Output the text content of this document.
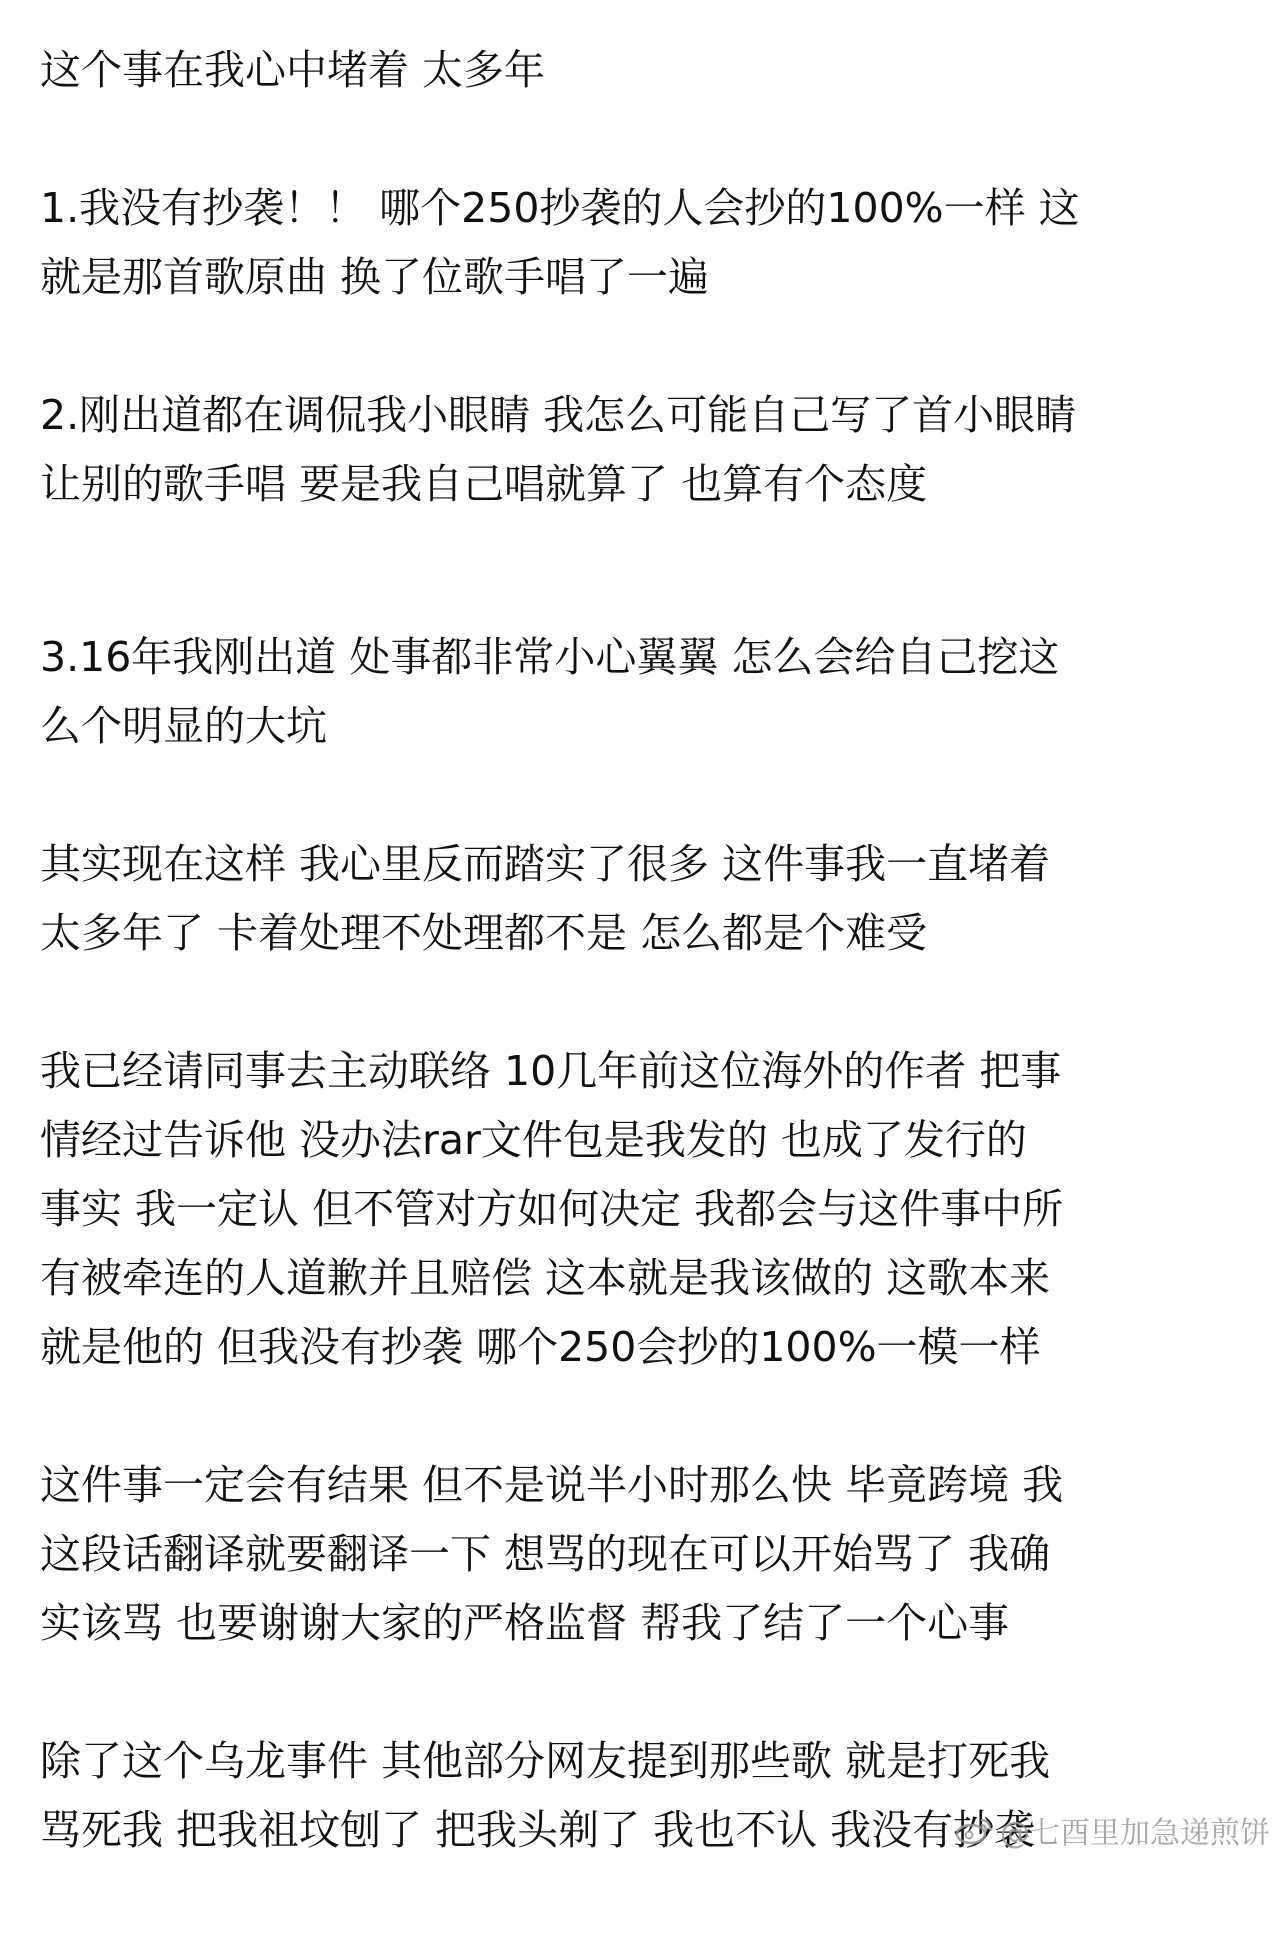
这个事在我心中堵着 太多年

1.我没有抄袭！！ 哪个250抄袭的人会抄的100%一样 这
就是那首歌原曲 换了位歌手唱了一遍

2.刚出道都在调侃我小眼睛 我怎么可能自己写了首小眼睛
让别的歌手唱 要是我自己唱就算了 也算有个态度

3.16年我刚出道 处事都非常小心翼翼 怎么会给自己挖这
么个明显的大坑

其实现在这样 我心里反而踏实了很多 这件事我一直堵着
太多年了 卡着处理不处理都不是 怎么都是个难受

我已经请同事去主动联络 10几年前这位海外的作者 把事
情经过告诉他 没办法rar文件包是我发的 也成了发行的
事实 我一定认 但不管对方如何决定 我都会与这件事中所
有被牵连的人道歉并且赔偿 这本就是我该做的 这歌本来
就是他的 但我没有抄袭 哪个250会抄的100%一模一样

这件事一定会有结果 但不是说半小时那么快 毕竟跨境 我
这段话翻译就要翻译一下 想骂的现在可以开始骂了 我确
实该骂 也要谢谢大家的严格监督 帮我了结了一个心事

除了这个乌龙事件 其他部分网友提到那些歌 就是打死我
骂死我 把我祖坟刨了 把我头剃了 我也不认 我没有抄袭

@七酉里加急递煎饼
